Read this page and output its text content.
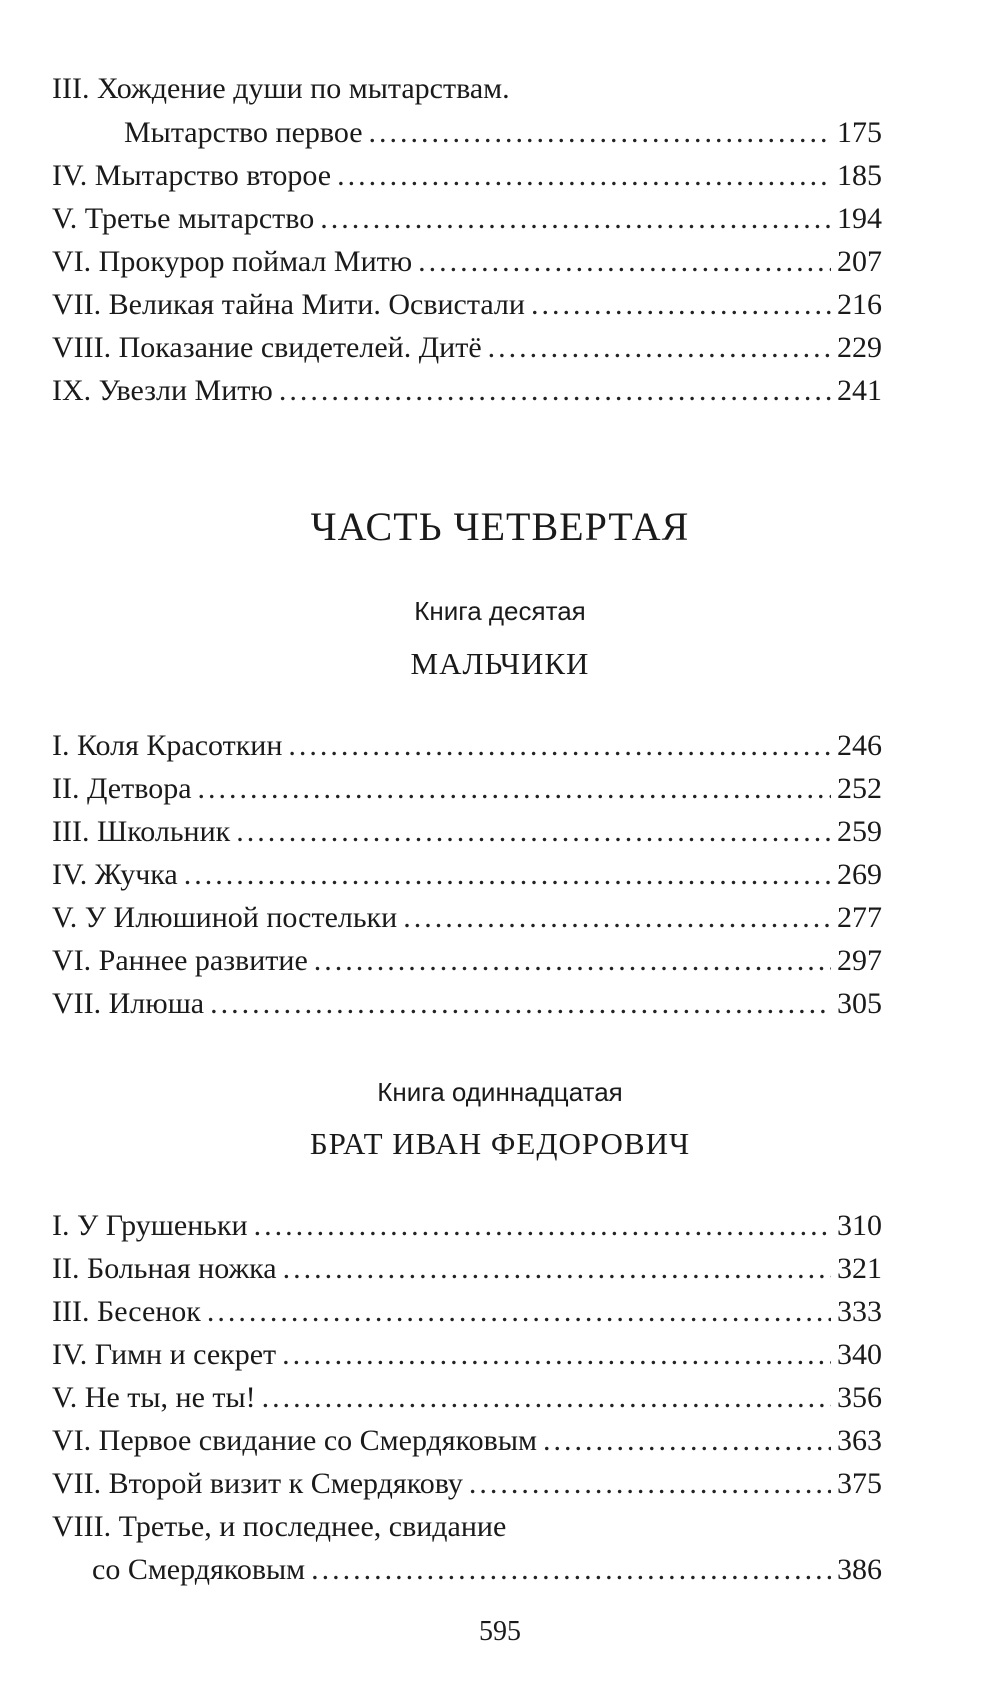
III. Хождение души по мытарствам.
Мытарство первое .....	175
IV. Мытарство второе .....	185
V. Третье мытарство .....	194
VI. Прокурор поймал Митю .....	207
VII. Великая тайна Мити. Освистали .....	216
VIII. Показание свидетелей. Дитё .....	229
IX. Увезли Митю .....	241
ЧАСТЬ ЧЕТВЕРТАЯ
Книга десятая
МАЛЬЧИКИ
I. Коля Красоткин .....	246
II. Детвора .....	252
III. Школьник .....	259
IV. Жучка .....	269
V. У Илюшиной постельки .....	277
VI. Раннее развитие .....	297
VII. Илюша .....	305
Книга одиннадцатая
БРАТ ИВАН ФЕДОРОВИЧ
I. У Грушеньки .....	310
II. Больная ножка .....	321
III. Бесенок .....	333
IV. Гимн и секрет .....	340
V. Не ты, не ты! .....	356
VI. Первое свидание со Смердяковым .....	363
VII. Второй визит к Смердякову .....	375
VIII. Третье, и последнее, свидание
со Смердяковым .....	386
595
